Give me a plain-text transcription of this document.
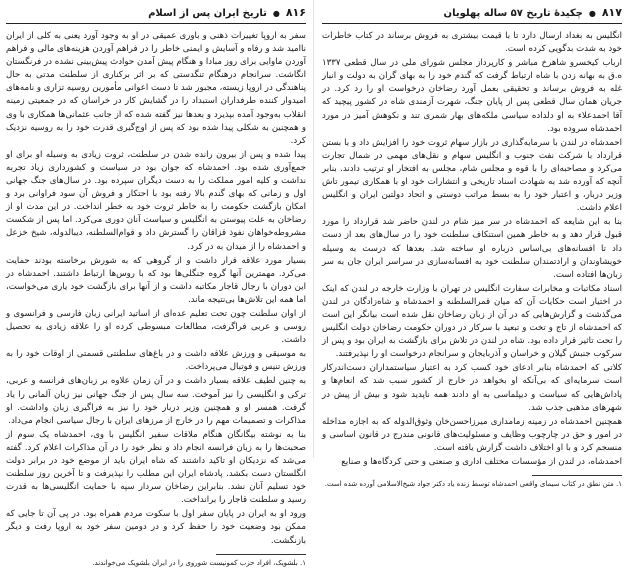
۸۱۷
●
چکیدهٔ تاریخ ۵۷ ساله پهلویان

انگلیس به بغداد ارسال دارد تا با قیمت بیشتری به فروش برساند در کتاب خاطرات خود به شدت بدگویی کرده است.

ارباب کیخسرو شاهرخ مباشر و کارپرداز مجلس شورای ملی در سال قطعی ۱۳۳۷ ه.ق به بهانه زدن با شاه ارتباط گرفت که گندم خود را به بهای گران به دولت و انبار غله به فروش برساند و تحقیقی بعمل آورد رضاخان درخواست او را رد کرد. در جریان همان سال قطعی پس از پایان جنگ، شهرت آزمندی شاه در کشور پیچید که آقا احمدعلاء به او دلداده سیاسی ملکه‌های بهار شمری تند و نکوهش آمیز در مورد احمدشاه سروده بود.

احمدشاه در لندن با سرمایه‌گذاری در بازار سهام ثروت خود را افزایش داد و با بستن قرارداد با شرکت نفت جنوب و انگلیس سهام و نقل‌های مهمی در شمال تجارت می‌کرد و مصاحبه‌ای را با قوه و مجلس شام، مجلس به افتخار او ترتیب دادند. بنابر آنچه که آورده شد به شهادت اسناد تاریخی و انتشارات خود او با همکاری تیمور تاش وزیر دربار، و اعتبار خود را به بسط مراتب دوستی و اتحاد دولتین ایران و انگلیس اعلام داشت.

بنا به این شایعه که احمدشاه در سر میز شام در لندن حاضر شد قرارداد را مورد قبول قرار دهد و به خاطر همین استنکاف سلطنت خود را در سال‌های بعد از دست داد تا افسانه‌های بی‌اساس درباره او ساخته شد. بعدها که درست به وسیله خویشاوندان و ارادتمندان سلطنت خود به افسانه‌سازی در سراسر ایران جان به سر زبان‌ها افتاده است.

اسناد مکاتبات و مخابرات سفارت انگلیس در تهران با وزارت خارجه در لندن که اینک در اختیار است حکایات آن که میان قمرالسلطنه و احمدشاه و شاه‌زادگان در لندن می‌گذشت و گزارش‌هایی که در آن از زبان رضاخان نقل شده است بیانگر این است که احمدشاه از تاج و تخت و تبعید با سرکار در دوران حکومت رضاخان دولت انگلیس را تحت تاثیر قرار داده بود. شاه در لندن در تلاش برای بازگشت به ایران بود و پس از سرکوب جنبش گیلان و خراسان و آذربایجان و سرانجام درخواست او را نپذیرفتند.

کلاتی که احمدشاه بنابر ادعای خود کسب کرد به اعتبار سیاستمداران دست‌اندرکار است سرمایه‌ای که بی‌آنکه او بخواهد در خارج از کشور سبب شد که انعام‌ها و پاداش‌هایی که سیاست و دیپلماسی به او دادند همه ناپدید شود و بیش از پیش در شهرهای مذهبی جذب شد.

همچنین احمدشاه در زمینه زمامداری میرزاحسن‌خان وثوق‌الدوله که به اجازه مداخله در امور و حق در چارچوب وظایف و مسئولیت‌های قانونی مندرج در قانون اساسی و منسجم کرد و با او اختلاف داشت گزارش یافته است.

احمدشاه، در لندن از مؤسسات مختلف اداری و صنعتی و حتی کردگاه‌ها و صنایع

۱. متن نطق در کتاب سیمای واقعی احمدشاه توسط زنده یاد دکتر جواد شیخ‌الاسلامی آورده شده است.
۸۱۶
●
تاریخ ایران پس از اسلام

سفر به اروپا تغییرات ذهنی و باوری عمیقی در او به وجود آورد یعنی به کلی از ایران ناامید شد و رفاه و آسایش و ایمنی خاطر را در فراهم آوردن هزینه‌های مالی و فراهم آوردن ماوایی برای روز مبادا و هنگام پیش آمدن حوادث پیش‌بینی نشده در فرنگستان انگاشت. سرانجام درهنگام تنگدستی که بر اثر برکناری از سلطنت مدتی به حال پناهندگی در اروپا زیسته، مجبور شد تا دست اعوانی مأمورین روسیه تزاری و نامه‌های امیدوار کننده طرفداران استبداد را در گشایش کار در خراسان که در جمعیتی زمینه انقلاب به‌وجود آمده بپذیرد و بعدها نیز گفته شده که از جانب عثمانی‌ها همکاری با وی و همچنین به شکلی پیدا شده بود که پس از اوج‌گیری قدرت خود را به روسیه نزدیک کرد.

پیدا شده و پس از بیرون رانده شدن در سلطنت، ثروت زیادی به وسیله او برای او جمع‌آوری شده بود. احمدشاه که جوان بود در سیاست و کشورداری زیاد تجربه نداشت و کلیه امور مملکت را به دست دیگران سپرده بود. در سال‌های جنگ جهانی اول و زمانی که بهای گندم بالا رفته بود با احتکار و فروش آن سود فراوانی برد و امکان بازگشت حکومت را به خاطر ثروت خود به خطر انداخت. در این مدت او از رضاخان به علت پیوستن به انگلیس و سیاست آنان دوری می‌کرد. اما پس از شکست مشروطه‌خواهان نفوذ قزاقان را گسترش داد و قوام‌السلطنه، دیبالدوله، شیخ خزعل و احمدشاه را از میدان به در کرد.

بسیار مورد علاقه قرار داشت و از گروهی که به شورش برخاسته بودند حمایت می‌کرد. مهمترین آنها گروه جنگلی‌ها بود که با روس‌ها ارتباط داشتند. احمدشاه در این دوران با رجال قاجار مکاتبه داشت و از آنها برای بازگشت خود یاری می‌خواست، اما همه این تلاش‌ها بی‌نتیجه ماند.

از اوان سلطنت چون تحت تعلیم عده‌ای از اساتید ایرانی زبان فارسی و فرانسوی و روسی و عربی فراگرفت، مطالعات مبسوطی کرده او را علاقه زیادی به تحصیل داشت.

به موسیقی و ورزش علاقه داشت و در باغ‌های سلطنتی قسمتی از اوقات خود را به ورزش تنیس و فوتبال می‌پرداخت.

به چنین لطیف علاقه بسیار داشت و در آن زمان علاوه بر زبان‌های فرانسه و عربی، ترکی و انگلیسی را نیز آموخت. سه سال پس از جنگ جهانی نیز زبان آلمانی را یاد گرفت. همسر او و همچنین وزیر دربار خود را نیز به فراگیری زبان واداشت. او مذاکرات و تصمیمات مهم را در خارج از مرزهای ایران با رجال سیاسی انجام می‌داد.

بنا به نوشته بیگانگان هنگام ملاقات سفیر انگلیس با وی، احمدشاه یک سوم از صحبت‌ها را به زبان فرانسه انجام داد و نظر خود را در آن مذاکرات اعلام کرد. گفته می‌شد که نزدیکان او تاکید داشتند که شاه ایران باید از موضع خود در برابر دولت انگلستان دست بکشد. پادشاه ایران این مطلب را نپذیرفت و تا آخرین روز سلطنت خود تسلیم آنان نشد. بنابراین رضاخان سردار سپه با حمایت انگلیسی‌ها به قدرت رسید و سلطنت قاجار را برانداخت.

ورود او به ایران در پایان سفر اول با سکوت مردم همراه بود. در پی آن تا جایی که ممکن بود وضعیت خود را حفظ کرد و در دومین سفر خود به اروپا رفت و دیگر بازنگشت.

۱. بلشویک، افراد حزب کمونیست شوروی را در ایران بلشویک می‌خواندند.
